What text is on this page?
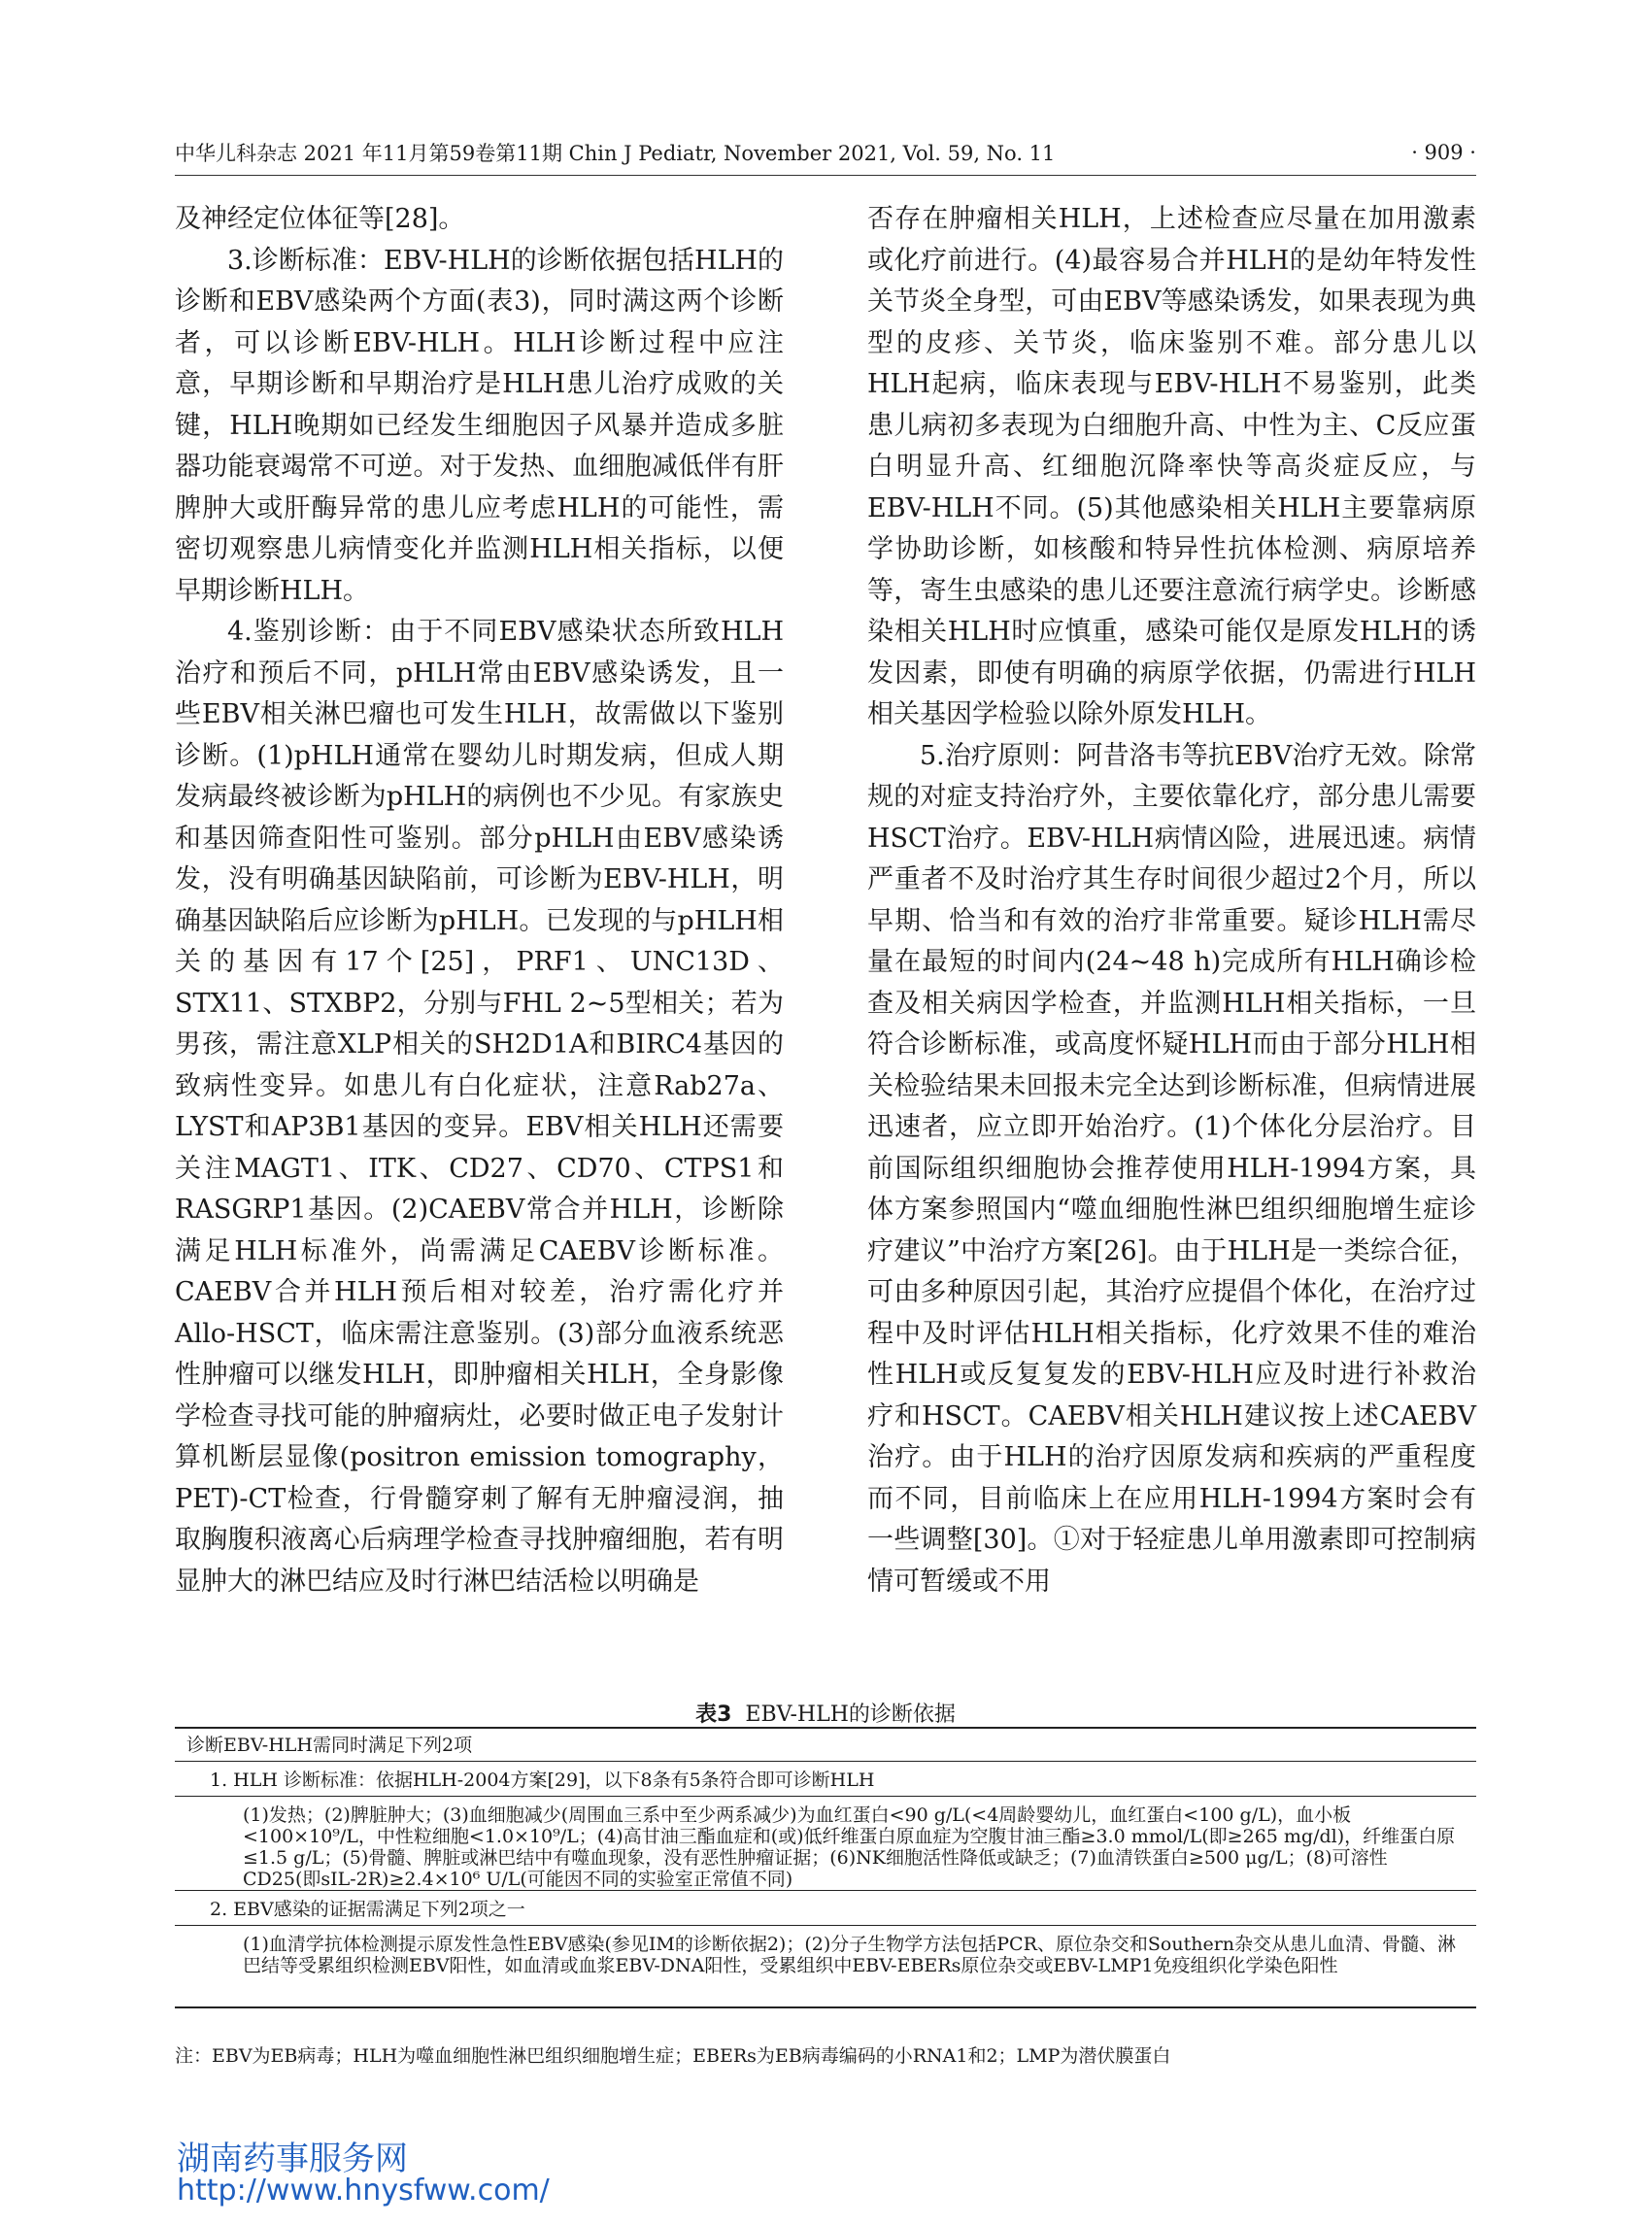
中华儿科杂志 2021 年11月第59卷第11期 Chin J Pediatr, November 2021, Vol. 59, No. 11	· 909 ·

及神经定位体征等[28]。

3.诊断标准：EBV-HLH的诊断依据包括HLH的诊断和EBV感染两个方面(表3)，同时满这两个诊断者，可以诊断EBV-HLH。HLH诊断过程中应注意，早期诊断和早期治疗是HLH患儿治疗成败的关键，HLH晚期如已经发生细胞因子风暴并造成多脏器功能衰竭常不可逆。对于发热、血细胞减低伴有肝脾肿大或肝酶异常的患儿应考虑HLH的可能性，需密切观察患儿病情变化并监测HLH相关指标，以便早期诊断HLH。

4.鉴别诊断：由于不同EBV感染状态所致HLH治疗和预后不同，pHLH常由EBV感染诱发，且一些EBV相关淋巴瘤也可发生HLH，故需做以下鉴别诊断。(1)pHLH通常在婴幼儿时期发病，但成人期发病最终被诊断为pHLH的病例也不少见。有家族史和基因筛查阳性可鉴别。部分pHLH由EBV感染诱发，没有明确基因缺陷前，可诊断为EBV-HLH，明确基因缺陷后应诊断为pHLH。已发现的与pHLH相关的基因有17个[25]，PRF1、UNC13D、STX11、STXBP2，分别与FHL 2~5型相关；若为男孩，需注意XLP相关的SH2D1A和BIRC4基因的致病性变异。如患儿有白化症状，注意Rab27a、LYST和AP3B1基因的变异。EBV相关HLH还需要关注MAGT1、ITK、CD27、CD70、CTPS1和RASGRP1基因。(2)CAEBV常合并HLH，诊断除满足HLH标准外，尚需满足CAEBV诊断标准。CAEBV合并HLH预后相对较差，治疗需化疗并Allo-HSCT，临床需注意鉴别。(3)部分血液系统恶性肿瘤可以继发HLH，即肿瘤相关HLH，全身影像学检查寻找可能的肿瘤病灶，必要时做正电子发射计算机断层显像(positron emission tomography，PET)-CT检查，行骨髓穿刺了解有无肿瘤浸润，抽取胸腹积液离心后病理学检查寻找肿瘤细胞，若有明显肿大的淋巴结应及时行淋巴结活检以明确是

否存在肿瘤相关HLH，上述检查应尽量在加用激素或化疗前进行。(4)最容易合并HLH的是幼年特发性关节炎全身型，可由EBV等感染诱发，如果表现为典型的皮疹、关节炎，临床鉴别不难。部分患儿以HLH起病，临床表现与EBV-HLH不易鉴别，此类患儿病初多表现为白细胞升高、中性为主、C反应蛋白明显升高、红细胞沉降率快等高炎症反应，与EBV-HLH不同。(5)其他感染相关HLH主要靠病原学协助诊断，如核酸和特异性抗体检测、病原培养等，寄生虫感染的患儿还要注意流行病学史。诊断感染相关HLH时应慎重，感染可能仅是原发HLH的诱发因素，即使有明确的病原学依据，仍需进行HLH相关基因学检验以除外原发HLH。

5.治疗原则：阿昔洛韦等抗EBV治疗无效。除常规的对症支持治疗外，主要依靠化疗，部分患儿需要HSCT治疗。EBV-HLH病情凶险，进展迅速。病情严重者不及时治疗其生存时间很少超过2个月，所以早期、恰当和有效的治疗非常重要。疑诊HLH需尽量在最短的时间内(24~48 h)完成所有HLH确诊检查及相关病因学检查，并监测HLH相关指标，一旦符合诊断标准，或高度怀疑HLH而由于部分HLH相关检验结果未回报未完全达到诊断标准，但病情进展迅速者，应立即开始治疗。(1)个体化分层治疗。目前国际组织细胞协会推荐使用HLH-1994方案，具体方案参照国内“噬血细胞性淋巴组织细胞增生症诊疗建议”中治疗方案[26]。由于HLH是一类综合征，可由多种原因引起，其治疗应提倡个体化，在治疗过程中及时评估HLH相关指标，化疗效果不佳的难治性HLH或反复复发的EBV-HLH应及时进行补救治疗和HSCT。CAEBV相关HLH建议按上述CAEBV治疗。由于HLH的治疗因原发病和疾病的严重程度而不同，目前临床上在应用HLH-1994方案时会有一些调整[30]。①对于轻症患儿单用激素即可控制病情可暂缓或不用

表3 EBV-HLH的诊断依据
诊断EBV-HLH需同时满足下列2项
1. HLH 诊断标准：依据HLH-2004方案[29]，以下8条有5条符合即可诊断HLH
(1)发热；(2)脾脏肿大；(3)血细胞减少(周围血三系中至少两系减少)为血红蛋白<90 g/L(<4周龄婴幼儿，血红蛋白<100 g/L)，血小板<100×10⁹/L，中性粒细胞<1.0×10⁹/L；(4)高甘油三酯血症和(或)低纤维蛋白原血症为空腹甘油三酯≥3.0 mmol/L(即≥265 mg/dl)，纤维蛋白原≤1.5 g/L；(5)骨髓、脾脏或淋巴结中有噬血现象，没有恶性肿瘤证据；(6)NK细胞活性降低或缺乏；(7)血清铁蛋白≥500 μg/L；(8)可溶性CD25(即sIL-2R)≥2.4×10⁶ U/L(可能因不同的实验室正常值不同)
2. EBV感染的证据需满足下列2项之一
(1)血清学抗体检测提示原发性急性EBV感染(参见IM的诊断依据2)；(2)分子生物学方法包括PCR、原位杂交和Southern杂交从患儿血清、骨髓、淋巴结等受累组织检测EBV阳性，如血清或血浆EBV-DNA阳性，受累组织中EBV-EBERs原位杂交或EBV-LMP1免疫组织化学染色阳性
注：EBV为EB病毒；HLH为噬血细胞性淋巴组织细胞增生症；EBERs为EB病毒编码的小RNA1和2；LMP为潜伏膜蛋白
湖南药事服务网
http://www.hnysfww.com/
